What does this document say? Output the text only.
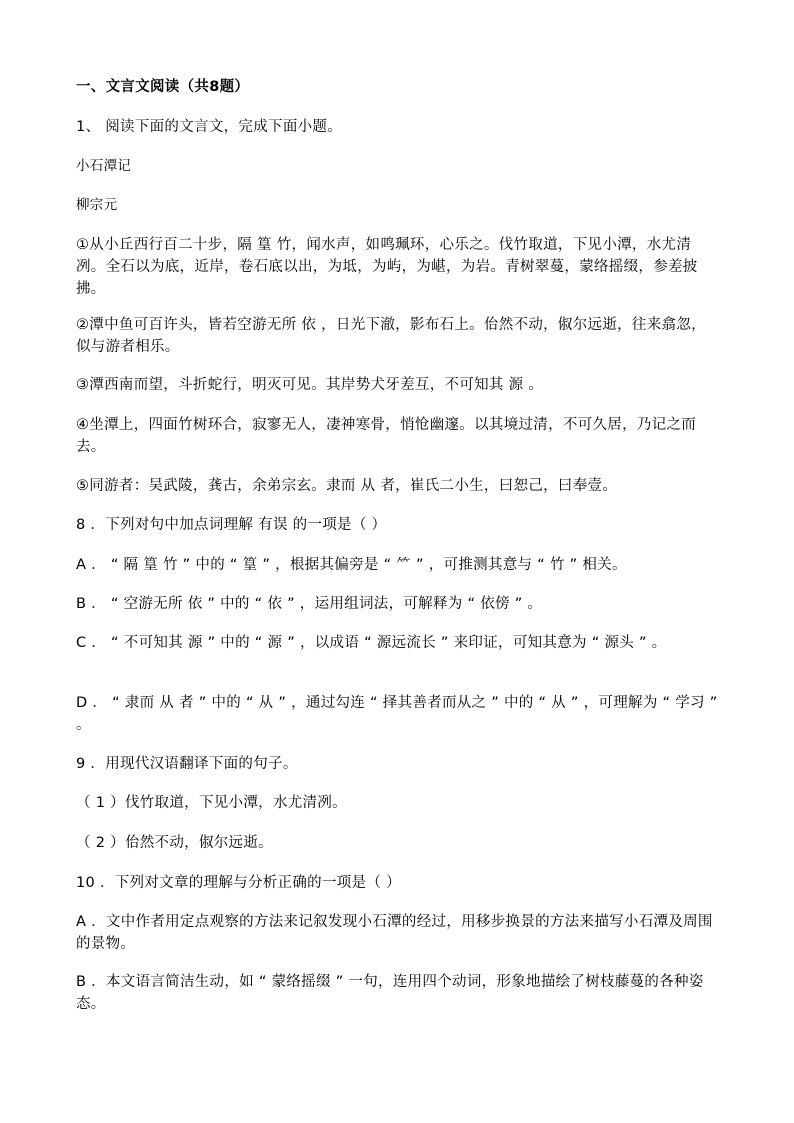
一、文言文阅读（共8题）

1、 阅读下面的文言文，完成下面小题。

小石潭记

柳宗元

①从小丘西行百二十步，隔 篁 竹，闻水声，如鸣珮环，心乐之。伐竹取道，下见小潭，水尤清冽。全石以为底，近岸，卷石底以出，为坻，为屿，为嵁，为岩。青树翠蔓，蒙络摇缀，参差披拂。

②潭中鱼可百许头，皆若空游无所 依 ，日光下澈，影布石上。佁然不动，俶尔远逝，往来翕忽，似与游者相乐。

③潭西南而望，斗折蛇行，明灭可见。其岸势犬牙差互，不可知其 源 。

④坐潭上，四面竹树环合，寂寥无人，凄神寒骨，悄怆幽邃。以其境过清，不可久居，乃记之而去。

⑤同游者：吴武陵，龚古，余弟宗玄。隶而 从 者，崔氏二小生，曰恕己，曰奉壹。

8 ．下列对句中加点词理解 有误 的一项是（ ）

A ． “ 隔 篁 竹 ” 中的 “ 篁 ” ，根据其偏旁是 “ ⺮ ” ，可推测其意与 “ 竹 ” 相关。

B ． “ 空游无所 依 ” 中的 “ 依 ” ，运用组词法，可解释为 “ 依傍 ” 。

C ． “ 不可知其 源 ” 中的 “ 源 ” ，以成语 “ 源远流长 ” 来印证，可知其意为 “ 源头 ” 。

D ． “ 隶而 从 者 ” 中的 “ 从 ” ，通过勾连 “ 择其善者而从之 ” 中的 “ 从 ” ，可理解为 “ 学习 ” 。

9 ．用现代汉语翻译下面的句子。

（ 1 ）伐竹取道，下见小潭，水尤清冽。

（ 2 ）佁然不动，俶尔远逝。

10 ．下列对文章的理解与分析正确的一项是（ ）

A ．文中作者用定点观察的方法来记叙发现小石潭的经过，用移步换景的方法来描写小石潭及周围的景物。

B ．本文语言简洁生动，如 “ 蒙络摇缀 ” 一句，连用四个动词，形象地描绘了树枝藤蔓的各种姿态。
